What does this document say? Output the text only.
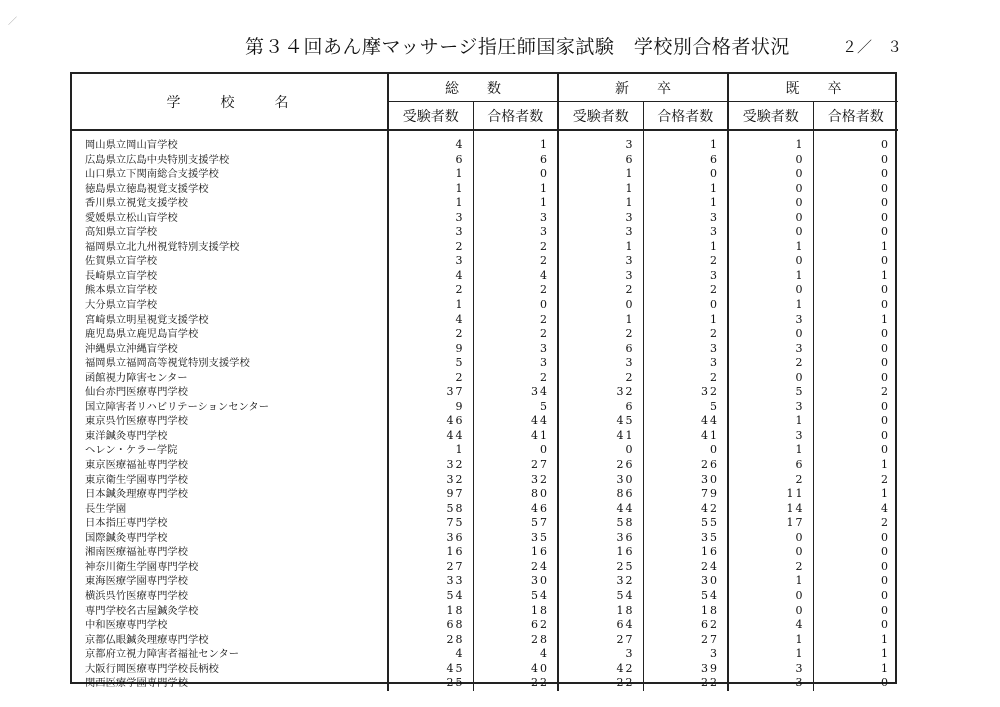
／
第３４回あん摩マッサージ指圧師国家試験　学校別合格者状況	２／　３
学　　校　　名	総　　数		新　　卒		既　　卒	
	受験者数	合格者数	受験者数	合格者数	受験者数	合格者数

岡山県立岡山盲学校	4	1	3	1	1	0
広島県立広島中央特別支援学校	6	6	6	6	0	0
山口県立下関南総合支援学校	1	0	1	0	0	0
徳島県立徳島視覚支援学校	1	1	1	1	0	0
香川県立視覚支援学校	1	1	1	1	0	0
愛媛県立松山盲学校	3	3	3	3	0	0
高知県立盲学校	3	3	3	3	0	0
福岡県立北九州視覚特別支援学校	2	2	1	1	1	1
佐賀県立盲学校	3	2	3	2	0	0
長崎県立盲学校	4	4	3	3	1	1
熊本県立盲学校	2	2	2	2	0	0
大分県立盲学校	1	0	0	0	1	0
宮崎県立明星視覚支援学校	4	2	1	1	3	1
鹿児島県立鹿児島盲学校	2	2	2	2	0	0
沖縄県立沖縄盲学校	9	3	6	3	3	0
福岡県立福岡高等視覚特別支援学校	5	3	3	3	2	0
函館視力障害センター	2	2	2	2	0	0
仙台赤門医療専門学校	37	34	32	32	5	2
国立障害者リハビリテーションセンター	9	5	6	5	3	0
東京呉竹医療専門学校	46	44	45	44	1	0
東洋鍼灸専門学校	44	41	41	41	3	0
ヘレン・ケラー学院	1	0	0	0	1	0
東京医療福祉専門学校	32	27	26	26	6	1
東京衛生学園専門学校	32	32	30	30	2	2
日本鍼灸理療専門学校	97	80	86	79	11	1
長生学園	58	46	44	42	14	4
日本指圧専門学校	75	57	58	55	17	2
国際鍼灸専門学校	36	35	36	35	0	0
湘南医療福祉専門学校	16	16	16	16	0	0
神奈川衛生学園専門学校	27	24	25	24	2	0
東海医療学園専門学校	33	30	32	30	1	0
横浜呉竹医療専門学校	54	54	54	54	0	0
専門学校名古屋鍼灸学校	18	18	18	18	0	0
中和医療専門学校	68	62	64	62	4	0
京都仏眼鍼灸理療専門学校	28	28	27	27	1	1
京都府立視力障害者福祉センター	4	4	3	3	1	1
大阪行岡医療専門学校長柄校	45	40	42	39	3	1
関西医療学園専門学校	25	22	22	22	3	0
